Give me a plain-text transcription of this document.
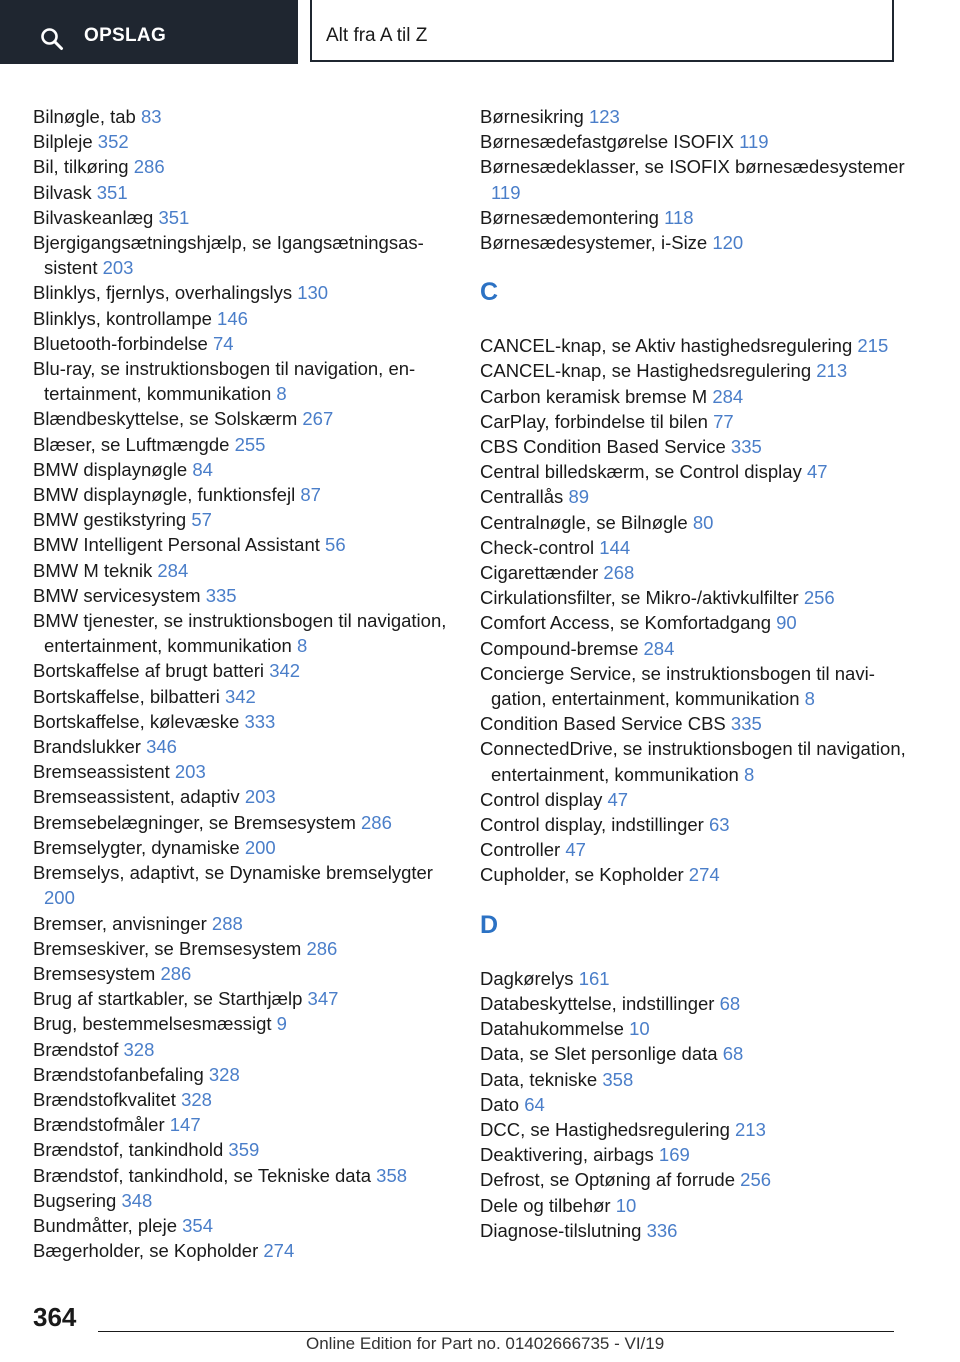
OPSLAG	Alt fra A til Z
Bilnøgle, tab 83
Bilpleje 352
Bil, tilkøring 286
Bilvask 351
Bilvaskeanlæg 351
Bjergigangsætningshjælp, se Igangsætningsassistent 203
Blinklys, fjernlys, overhalingslys 130
Blinklys, kontrollampe 146
Bluetooth-forbindelse 74
Blu-ray, se instruktionsbogen til navigation, entertainment, kommunikation 8
Blændbeskyttelse, se Solskærm 267
Blæser, se Luftmængde 255
BMW displaynøgle 84
BMW displaynøgle, funktionsfejl 87
BMW gestikstyring 57
BMW Intelligent Personal Assistant 56
BMW M teknik 284
BMW servicesystem 335
BMW tjenester, se instruktionsbogen til navigation, entertainment, kommunikation 8
Bortskaffelse af brugt batteri 342
Bortskaffelse, bilbatteri 342
Bortskaffelse, kølevæske 333
Brandslukker 346
Bremseassistent 203
Bremseassistent, adaptiv 203
Bremsebelægninger, se Bremsesystem 286
Bremselygter, dynamiske 200
Bremselys, adaptivt, se Dynamiske bremselygter 200
Bremser, anvisninger 288
Bremseskiver, se Bremsesystem 286
Bremsesystem 286
Brug af startkabler, se Starthjælp 347
Brug, bestemmelsesmæssigt 9
Brændstof 328
Brændstofanbefaling 328
Brændstofkvalitet 328
Brændstofmåler 147
Brændstof, tankindhold 359
Brændstof, tankindhold, se Tekniske data 358
Bugsering 348
Bundmåtter, pleje 354
Bægerholder, se Kopholder 274
Børnesikring 123
Børnesædefastgørelse ISOFIX 119
Børnesædeklasser, se ISOFIX børnesædesystemer 119
Børnesædemontering 118
Børnesædesystemer, i-Size 120
C
CANCEL-knap, se Aktiv hastighedsregulering 215
CANCEL-knap, se Hastighedsregulering 213
Carbon keramisk bremse M 284
CarPlay, forbindelse til bilen 77
CBS Condition Based Service 335
Central billedskærm, se Control display 47
Centrallås 89
Centralnøgle, se Bilnøgle 80
Check-control 144
Cigarettænder 268
Cirkulationsfilter, se Mikro-/aktivkulfilter 256
Comfort Access, se Komfortadgang 90
Compound-bremse 284
Concierge Service, se instruktionsbogen til navigation, entertainment, kommunikation 8
Condition Based Service CBS 335
ConnectedDrive, se instruktionsbogen til navigation, entertainment, kommunikation 8
Control display 47
Control display, indstillinger 63
Controller 47
Cupholder, se Kopholder 274
D
Dagkørelys 161
Databeskyttelse, indstillinger 68
Datahukommelse 10
Data, se Slet personlige data 68
Data, tekniske 358
Dato 64
DCC, se Hastighedsregulering 213
Deaktivering, airbags 169
Defrost, se Optøning af forrude 256
Dele og tilbehør 10
Diagnose-tilslutning 336
364
Online Edition for Part no. 01402666735 - VI/19
